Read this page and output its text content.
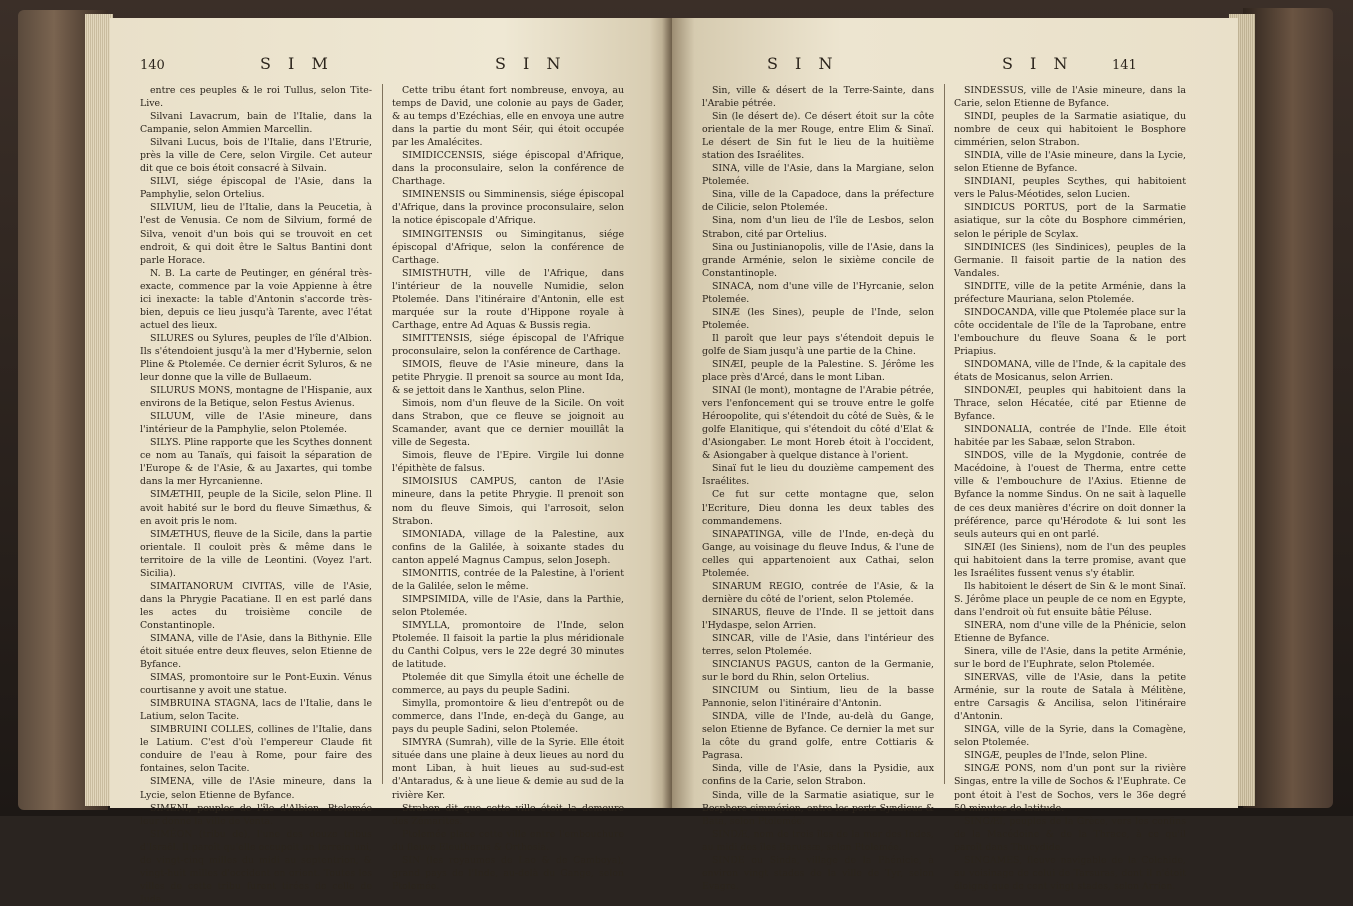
140	S I M	S I N

entre ces peuples & le roi Tullus, selon Tite-Live.

Silvani Lavacrum, bain de l'Italie, dans la Campanie, selon Ammien Marcellin.

Silvani Lucus, bois de l'Italie, dans l'Etrurie, près la ville de Cere, selon Virgile. Cet auteur dit que ce bois étoit consacré à Silvain.

SILVI, siége épiscopal de l'Asie, dans la Pamphylie, selon Ortelius.

SILVIUM, lieu de l'Italie, dans la Peucetia, à l'est de Venusia. Ce nom de Silvium, formé de Silva, venoit d'un bois qui se trouvoit en cet endroit, & qui doit être le Saltus Bantini dont parle Horace.

N. B. La carte de Peutinger, en général très-exacte, commence par la voie Appienne à être ici inexacte: la table d'Antonin s'accorde très-bien, depuis ce lieu jusqu'à Tarente, avec l'état actuel des lieux.

SILURES ou Sylures, peuples de l'île d'Albion. Ils s'étendoient jusqu'à la mer d'Hybernie, selon Pline & Ptolemée. Ce dernier écrit Syluros, & ne leur donne que la ville de Bullaeum.

SILURUS MONS, montagne de l'Hispanie, aux environs de la Betique, selon Festus Avienus.

SILUUM, ville de l'Asie mineure, dans l'intérieur de la Pamphylie, selon Ptolemée.

SILYS. Pline rapporte que les Scythes donnent ce nom au Tanaïs, qui faisoit la séparation de l'Europe & de l'Asie, & au Jaxartes, qui tombe dans la mer Hyrcanienne.

SIMÆTHII, peuple de la Sicile, selon Pline. Il avoit habité sur le bord du fleuve Simæthus, & en avoit pris le nom.

SIMÆTHUS, fleuve de la Sicile, dans la partie orientale. Il couloit près & même dans le territoire de la ville de Leontini. (Voyez l'art. Sicilia).

SIMAITANORUM CIVITAS, ville de l'Asie, dans la Phrygie Pacatiane. Il en est parlé dans les actes du troisième concile de Constantinople.

SIMANA, ville de l'Asie, dans la Bithynie. Elle étoit située entre deux fleuves, selon Etienne de Byfance.

SIMAS, promontoire sur le Pont-Euxin. Vénus courtisanne y avoit une statue.

SIMBRUINA STAGNA, lacs de l'Italie, dans le Latium, selon Tacite.

SIMBRUINI COLLES, collines de l'Italie, dans le Latium. C'est d'où l'empereur Claude fit conduire de l'eau à Rome, pour faire des fontaines, selon Tacite.

SIMENA, ville de l'Asie mineure, dans la Lycie, selon Etienne de Byfance.

SIMENI, peuples de l'île d'Albion. Ptolemée leur donne la ville de Venta.

SIMÉON (tribu de), l'une des douze tribus d'Israël. Il paroît qu'elle occupoit un terrein uni, de vingt-cinq milles du midi au septentrion, & vingt-huit milles d'occident en orient. Toutes les villes de cette tribu furent tirées de celle de Juda.

Cette tribu étant fort nombreuse, envoya, au temps de David, une colonie au pays de Gader, & au temps d'Ezéchias, elle en envoya une autre dans la partie du mont Séir, qui étoit occupée par les Amalécites.

SIMIDICCENSIS, siége épiscopal d'Afrique, dans la proconsulaire, selon la conférence de Charthage.

SIMINENSIS ou Simminensis, siége épiscopal d'Afrique, dans la province proconsulaire, selon la notice épiscopale d'Afrique.

SIMINGITENSIS ou Simingitanus, siége épiscopal d'Afrique, selon la conférence de Carthage.

SIMISTHUTH, ville de l'Afrique, dans l'intérieur de la nouvelle Numidie, selon Ptolemée. Dans l'itinéraire d'Antonin, elle est marquée sur la route d'Hippone royale à Carthage, entre Ad Aquas & Bussis regia.

SIMITTENSIS, siége épiscopal de l'Afrique proconsulaire, selon la conférence de Carthage.

SIMOIS, fleuve de l'Asie mineure, dans la petite Phrygie. Il prenoit sa source au mont Ida, & se jettoit dans le Xanthus, selon Pline.

Simois, nom d'un fleuve de la Sicile. On voit dans Strabon, que ce fleuve se joignoit au Scamander, avant que ce dernier mouillât la ville de Segesta.

Simois, fleuve de l'Epire. Virgile lui donne l'épithète de falsus.

SIMOISIUS CAMPUS, canton de l'Asie mineure, dans la petite Phrygie. Il prenoit son nom du fleuve Simois, qui l'arrosoit, selon Strabon.

SIMONIADA, village de la Palestine, aux confins de la Galilée, à soixante stades du canton appelé Magnus Campus, selon Joseph.

SIMONITIS, contrée de la Palestine, à l'orient de la Galilée, selon le même.

SIMPSIMIDA, ville de l'Asie, dans la Parthie, selon Ptolemée.

SIMYLLA, promontoire de l'Inde, selon Ptolemée. Il faisoit la partie la plus méridionale du Canthi Colpus, vers le 22e degré 30 minutes de latitude.

Ptolemée dit que Simylla étoit une échelle de commerce, au pays du peuple Sadini.

Simylla, promontoire & lieu d'entrepôt ou de commerce, dans l'Inde, en-deçà du Gange, au pays du peuple Sadini, selon Ptolemée.

SIMYRA (Sumrah), ville de la Syrie. Elle étoit située dans une plaine à deux lieues au nord du mont Liban, à huit lieues au sud-sud-est d'Antaradus, & à une lieue & demie au sud de la rivière Ker.

Strabon dit que cette ville étoit la demeure des Zémarites.

Ptolemée place cette ville entre l'embouchure du fleuve Eleutherus & Orthosia.

SIN (les royaumes de Lao & de Camboya), grand pays de l'Inde, au-delà du Gange, selon Ptolemée.

S I N	S I N	141

Sin, ville & désert de la Terre-Sainte, dans l'Arabie pétrée.

Sin (le désert de). Ce désert étoit sur la côte orientale de la mer Rouge, entre Elim & Sinaï. Le désert de Sin fut le lieu de la huitième station des Israélites.

SINA, ville de l'Asie, dans la Margiane, selon Ptolemée.

Sina, ville de la Capadoce, dans la préfecture de Cilicie, selon Ptolemée.

Sina, nom d'un lieu de l'île de Lesbos, selon Strabon, cité par Ortelius.

Sina ou Justinianopolis, ville de l'Asie, dans la grande Arménie, selon le sixième concile de Constantinople.

SINACA, nom d'une ville de l'Hyrcanie, selon Ptolemée.

SINÆ (les Sines), peuple de l'Inde, selon Ptolemée.

Il paroît que leur pays s'étendoit depuis le golfe de Siam jusqu'à une partie de la Chine.

SINÆI, peuple de la Palestine. S. Jérôme les place près d'Arcé, dans le mont Liban.

SINAI (le mont), montagne de l'Arabie pétrée, vers l'enfoncement qui se trouve entre le golfe Héroopolite, qui s'étendoit du côté de Suès, & le golfe Elanitique, qui s'étendoit du côté d'Elat & d'Asiongaber. Le mont Horeb étoit à l'occident, & Asiongaber à quelque distance à l'orient.

Sinaï fut le lieu du douzième campement des Israélites.

Ce fut sur cette montagne que, selon l'Ecriture, Dieu donna les deux tables des commandemens.

SINAPATINGA, ville de l'Inde, en-deçà du Gange, au voisinage du fleuve Indus, & l'une de celles qui appartenoient aux Cathai, selon Ptolemée.

SINARUM REGIO, contrée de l'Asie, & la dernière du côté de l'orient, selon Ptolemée.

SINARUS, fleuve de l'Inde. Il se jettoit dans l'Hydaspe, selon Arrien.

SINCAR, ville de l'Asie, dans l'intérieur des terres, selon Ptolemée.

SINCIANUS PAGUS, canton de la Germanie, sur le bord du Rhin, selon Ortelius.

SINCIUM ou Sintium, lieu de la basse Pannonie, selon l'itinéraire d'Antonin.

SINDA, ville de l'Inde, au-delà du Gange, selon Etienne de Byfance. Ce dernier la met sur la côte du grand golfe, entre Cottiaris & Pagrasa.

Sinda, ville de l'Asie, dans la Pysidie, aux confins de la Carie, selon Strabon.

Sinda, ville de la Sarmatie asiatique, sur le Bosphore cimmérien, entre les ports Syndicus & Bata, selon Ptolemée.

SINDÆ, nom de trois îles de la mer des Indes, au midi des îles Barussæ, selon Ptolemée.

SINDE ou Sinda, village de la Phénicie, à environ vingt stades de la ville de Tyr, selon Evagre.

SINDESSUS, ville de l'Asie mineure, dans la Carie, selon Etienne de Byfance.

SINDI, peuples de la Sarmatie asiatique, du nombre de ceux qui habitoient le Bosphore cimmérien, selon Strabon.

SINDIA, ville de l'Asie mineure, dans la Lycie, selon Etienne de Byfance.

SINDIANI, peuples Scythes, qui habitoient vers le Palus-Méotides, selon Lucien.

SINDICUS PORTUS, port de la Sarmatie asiatique, sur la côte du Bosphore cimmérien, selon le périple de Scylax.

SINDINICES (les Sindinices), peuples de la Germanie. Il faisoit partie de la nation des Vandales.

SINDITE, ville de la petite Arménie, dans la préfecture Mauriana, selon Ptolemée.

SINDOCANDA, ville que Ptolemée place sur la côte occidentale de l'île de la Taprobane, entre l'embouchure du fleuve Soana & le port Priapius.

SINDOMANA, ville de l'Inde, & la capitale des états de Mosicanus, selon Arrien.

SINDONÆI, peuples qui habitoient dans la Thrace, selon Hécatée, cité par Etienne de Byfance.

SINDONALIA, contrée de l'Inde. Elle étoit habitée par les Sabaæ, selon Strabon.

SINDOS, ville de la Mygdonie, contrée de Macédoine, à l'ouest de Therma, entre cette ville & l'embouchure de l'Axius. Etienne de Byfance la nomme Sindus. On ne sait à laquelle de ces deux manières d'écrire on doit donner la préférence, parce qu'Hérodote & lui sont les seuls auteurs qui en ont parlé.

SINÆI (les Siniens), nom de l'un des peuples qui habitoient dans la terre promise, avant que les Israélites fussent venus s'y établir.

Ils habitoient le désert de Sin & le mont Sinaï. S. Jérôme place un peuple de ce nom en Egypte, dans l'endroit où fut ensuite bâtie Péluse.

SINERA, nom d'une ville de la Phénicie, selon Etienne de Byfance.

Sinera, ville de l'Asie, dans la petite Arménie, sur le bord de l'Euphrate, selon Ptolemée.

SINERVAS, ville de l'Asie, dans la petite Arménie, sur la route de Satala à Mélitène, entre Carsagis & Ancilisa, selon l'itinéraire d'Antonin.

SINGA, ville de la Syrie, dans la Comagène, selon Ptolemée.

SINGÆ, peuples de l'Inde, selon Pline.

SINGÆ PONS, nom d'un pont sur la rivière Singas, entre la ville de Sochos & l'Euphrate. Ce pont étoit à l'est de Sochos, vers le 36e degré 50 minutes de latitude.

SINGÆI, peuples de la Grèce, vers les confins de la Macédoine & de la Thrace, à ce qu'il paroît dans Thucydide.

SINGAMES, fleuve navigable de la Colchide, au voisinage de celui de Tarsuras, dont il n'étoit éloigné que de cent vingt stades, selon Arrien.
